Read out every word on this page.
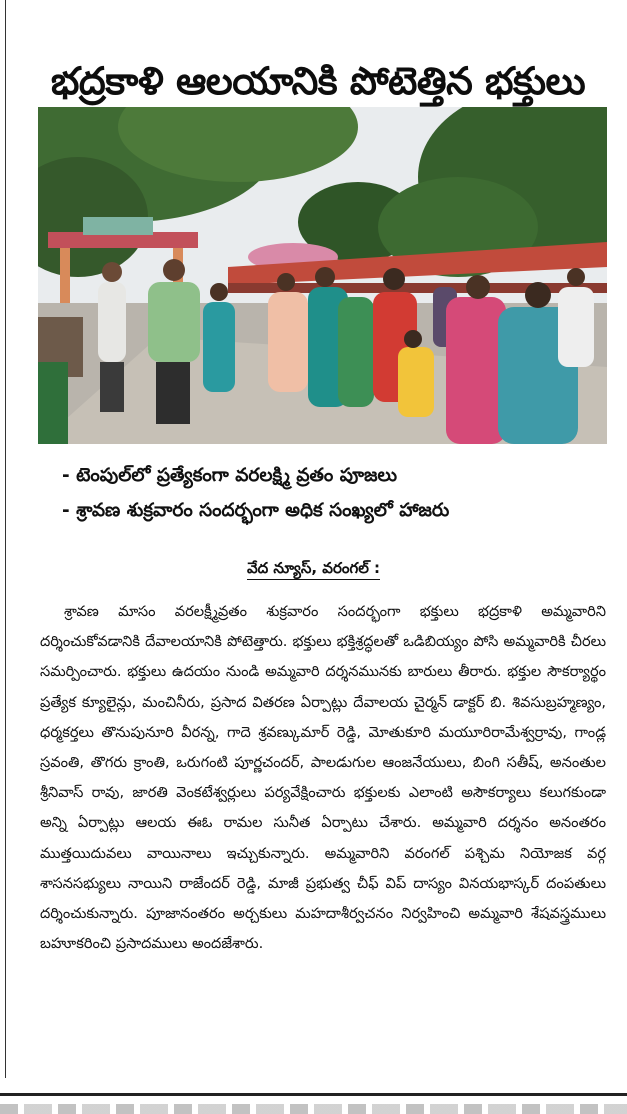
భద్రకాళి ఆలయానికి పోటెత్తిన భక్తులు
- టెంపుల్‌లో ప్రత్యేకంగా వరలక్ష్మి వ్రతం పూజలు
- శ్రావణ శుక్రవారం సందర్భంగా అధిక సంఖ్యలో హాజరు
వేద న్యూస్, వరంగల్ :

శ్రావణ మాసం వరలక్ష్మీవ్రతం శుక్రవారం సందర్భంగా భక్తులు భద్రకాళి అమ్మవారిని దర్శించుకోవడానికి దేవాలయానికి పోటెత్తారు. భక్తులు భక్తిశ్రద్ధలతో ఒడిబియ్యం పోసి అమ్మవారికి చీరలు సమర్పించారు. భక్తులు ఉదయం నుండి అమ్మవారి దర్శనమునకు బారులు తీరారు. భక్తుల సౌకర్యార్థం ప్రత్యేక క్యూలైన్లు, మంచినీరు, ప్రసాద వితరణ ఏర్పాట్లు దేవాలయ చైర్మన్ డాక్టర్ బి. శివసుబ్రహ్మణ్యం, ధర్మకర్తలు తొనుపునూరి వీరన్న, గాదె శ్రవణ్కుమార్ రెడ్డి, మోతుకూరి మయూరిరామేశ్వర్రావు, గాండ్ల స్రవంతి, తొగరు క్రాంతి, ఒరుగంటి పూర్ణచందర్, పాలడుగుల ఆంజనేయులు, బింగి సతీష్, అనంతుల శ్రీనివాస్ రావు, జారతి వెంకటేశ్వర్లులు పర్యవేక్షించారు భక్తులకు ఎలాంటి అసౌకర్యాలు కలుగకుండా అన్ని ఏర్పాట్లు ఆలయ ఈఓ రామల సునీత ఏర్పాటు చేశారు. అమ్మవారి దర్శనం అనంతరం ముత్తయిదువలు వాయినాలు ఇచ్చుకున్నారు. అమ్మవారిని వరంగల్ పశ్చిమ నియోజక వర్గ శాసనసభ్యులు నాయిని రాజేందర్ రెడ్డి, మాజీ ప్రభుత్వ చీఫ్ విప్ దాస్యం వినయభాస్కర్ దంపతులు దర్శించుకున్నారు. పూజానంతరం అర్చకులు మహదాశీర్వచనం నిర్వహించి అమ్మవారి శేషవస్త్రములు బహూకరించి ప్రసాదములు అందజేశారు.
